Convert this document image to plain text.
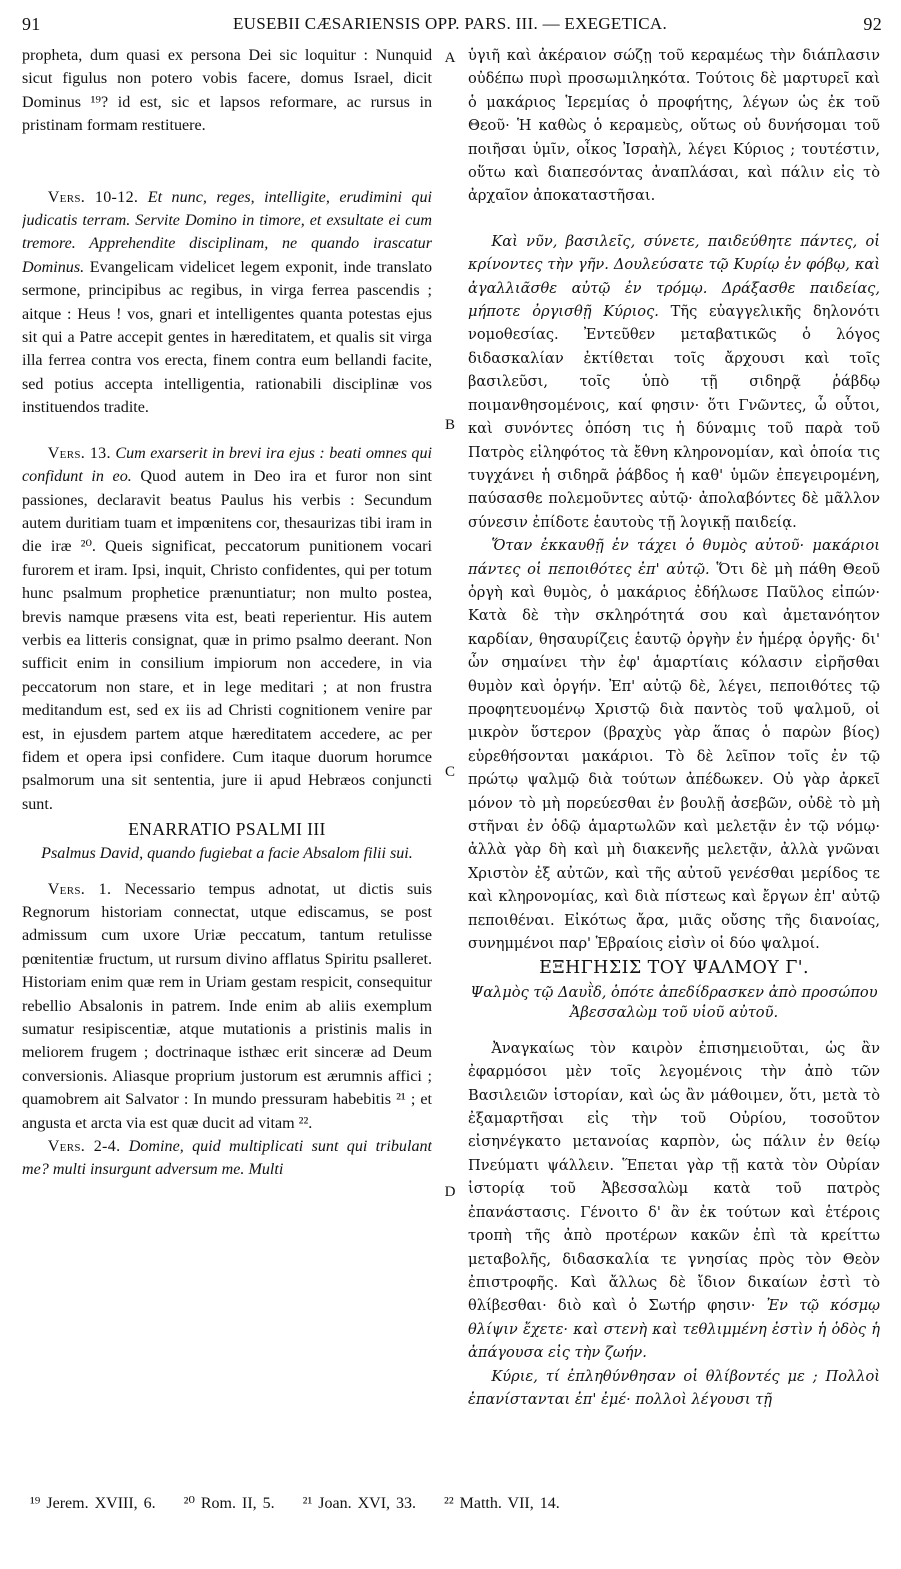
91	EUSEBII CÆSARIENSIS OPP. PARS. III. — EXEGETICA.	92
A
B
C
D

propheta, dum quasi ex persona Dei sic loquitur : Nunquid sicut figulus non potero vobis facere, domus Israel, dicit Dominus ¹⁹? id est, sic et lapsos reformare, ac rursus in pristinam formam restituere.

Vers. 10-12. Et nunc, reges, intelligite, erudimini qui judicatis terram. Servite Domino in timore, et exsultate ei cum tremore. Apprehendite disciplinam, ne quando irascatur Dominus. Evangelicam videlicet legem exponit, inde translato sermone, principibus ac regibus, in virga ferrea pascendis ; aitque : Heus ! vos, gnari et intelligentes quanta potestas ejus sit qui a Patre accepit gentes in hæreditatem, et qualis sit virga illa ferrea contra vos erecta, finem contra eum bellandi facite, sed potius accepta intelligentia, rationabili disciplinæ vos instituendos tradite.

Vers. 13. Cum exarserit in brevi ira ejus : beati omnes qui confidunt in eo. Quod autem in Deo ira et furor non sint passiones, declaravit beatus Paulus his verbis : Secundum autem duritiam tuam et impœnitens cor, thesaurizas tibi iram in die iræ ²⁰. Queis significat, peccatorum punitionem vocari furorem et iram. Ipsi, inquit, Christo confidentes, qui per totum hunc psalmum prophetice prænuntiatur; non multo postea, brevis namque præsens vita est, beati reperientur. His autem verbis ea litteris consignat, quæ in primo psalmo deerant. Non sufficit enim in consilium impiorum non accedere, in via peccatorum non stare, et in lege meditari ; at non frustra meditandum est, sed ex iis ad Christi cognitionem venire par est, in ejusdem partem atque hæreditatem accedere, ac per fidem et opera ipsi confidere. Cum itaque duorum horumce psalmorum una sit sententia, jure ii apud Hebræos conjuncti sunt.

ENARRATIO PSALMI III
Psalmus David, quando fugiebat a facie Absalom filii sui.

Vers. 1. Necessario tempus adnotat, ut dictis suis Regnorum historiam connectat, utque ediscamus, se post admissum cum uxore Uriæ peccatum, tantum retulisse pœnitentiæ fructum, ut rursum divino afflatus Spiritu psalleret. Historiam enim quæ rem in Uriam gestam respicit, consequitur rebellio Absalonis in patrem. Inde enim ab aliis exemplum sumatur resipiscentiæ, atque mutationis a pristinis malis in meliorem frugem ; doctrinaque isthæc erit sinceræ ad Deum conversionis. Aliasque proprium justorum est ærumnis affici ; quamobrem ait Salvator : In mundo pressuram habebitis ²¹ ; et angusta et arcta via est quæ ducit ad vitam ²².

Vers. 2-4. Domine, quid multiplicati sunt qui tribulant me? multi insurgunt adversum me. Multi

ὑγιῆ καὶ ἀκέραιον σώζῃ τοῦ κεραμέως τὴν διάπλασιν οὐδέπω πυρὶ προσωμιληκότα. Τούτοις δὲ μαρτυρεῖ καὶ ὁ μακάριος Ἱερεμίας ὁ προφήτης, λέγων ὡς ἐκ τοῦ Θεοῦ· Ἡ καθὼς ὁ κεραμεὺς, οὕτως οὐ δυνήσομαι τοῦ ποιῆσαι ὑμῖν, οἶκος Ἰσραὴλ, λέγει Κύριος ; τουτέστιν, οὕτω καὶ διαπεσόντας ἀναπλάσαι, καὶ πάλιν εἰς τὸ ἀρχαῖον ἀποκαταστῆσαι.

Καὶ νῦν, βασιλεῖς, σύνετε, παιδεύθητε πάντες, οἱ κρίνοντες τὴν γῆν. Δουλεύσατε τῷ Κυρίῳ ἐν φόβῳ, καὶ ἀγαλλιᾶσθε αὐτῷ ἐν τρόμῳ. Δράξασθε παιδείας, μήποτε ὀργισθῇ Κύριος. Τῆς εὐαγγελικῆς δηλονότι νομοθεσίας. Ἐντεῦθεν μεταβατικῶς ὁ λόγος διδασκαλίαν ἐκτίθεται τοῖς ἄρχουσι καὶ τοῖς βασιλεῦσι, τοῖς ὑπὸ τῇ σιδηρᾷ ῥάβδῳ ποιμανθησομένοις, καί φησιν· ὅτι Γνῶντες, ὦ οὗτοι, καὶ συνόντες ὁπόση τις ἡ δύναμις τοῦ παρὰ τοῦ Πατρὸς εἰληφότος τὰ ἔθνη κληρονομίαν, καὶ ὁποία τις τυγχάνει ἡ σιδηρᾶ ῥάβδος ἡ καθ' ὑμῶν ἐπεγειρομένη, παύσασθε πολεμοῦντες αὐτῷ· ἀπολαβόντες δὲ μᾶλλον σύνεσιν ἐπίδοτε ἑαυτοὺς τῇ λογικῇ παιδείᾳ.

Ὅταν ἐκκαυθῇ ἐν τάχει ὁ θυμὸς αὐτοῦ· μακάριοι πάντες οἱ πεποιθότες ἐπ' αὐτῷ. Ὅτι δὲ μὴ πάθη Θεοῦ ὀργὴ καὶ θυμὸς, ὁ μακάριος ἐδήλωσε Παῦλος εἰπών· Κατὰ δὲ τὴν σκληρότητά σου καὶ ἀμετανόητον καρδίαν, θησαυρίζεις ἑαυτῷ ὀργὴν ἐν ἡμέρᾳ ὀργῆς· δι' ὧν σημαίνει τὴν ἐφ' ἁμαρτίαις κόλασιν εἰρῆσθαι θυμὸν καὶ ὀργήν. Ἐπ' αὐτῷ δὲ, λέγει, πεποιθότες τῷ προφητευομένῳ Χριστῷ διὰ παντὸς τοῦ ψαλμοῦ, οἱ μικρὸν ὕστερον (βραχὺς γὰρ ἅπας ὁ παρὼν βίος) εὑρεθήσονται μακάριοι. Τὸ δὲ λεῖπον τοῖς ἐν τῷ πρώτῳ ψαλμῷ διὰ τούτων ἀπέδωκεν. Οὐ γὰρ ἀρκεῖ μόνον τὸ μὴ πορεύεσθαι ἐν βουλῇ ἀσεβῶν, οὐδὲ τὸ μὴ στῆναι ἐν ὁδῷ ἁμαρτωλῶν καὶ μελετᾷν ἐν τῷ νόμῳ· ἀλλὰ γὰρ δὴ καὶ μὴ διακενῆς μελετᾷν, ἀλλὰ γνῶναι Χριστὸν ἐξ αὐτῶν, καὶ τῆς αὐτοῦ γενέσθαι μερίδος τε καὶ κληρονομίας, καὶ διὰ πίστεως καὶ ἔργων ἐπ' αὐτῷ πεποιθέναι. Εἰκότως ἄρα, μιᾶς οὔσης τῆς διανοίας, συνημμένοι παρ' Ἑβραίοις εἰσὶν οἱ δύο ψαλμοί.

ΕΞΗΓΗΣΙΣ ΤΟΥ ΨΑΛΜΟΥ Γ'.
Ψαλμὸς τῷ Δαυῒδ, ὁπότε ἀπεδίδρασκεν ἀπὸ προσώπου Ἀβεσσαλὼμ τοῦ υἱοῦ αὐτοῦ.

Ἀναγκαίως τὸν καιρὸν ἐπισημειοῦται, ὡς ἂν ἐφαρμόσοι μὲν τοῖς λεγομένοις τὴν ἀπὸ τῶν Βασιλειῶν ἱστορίαν, καὶ ὡς ἂν μάθοιμεν, ὅτι, μετὰ τὸ ἐξαμαρτῆσαι εἰς τὴν τοῦ Οὐρίου, τοσοῦτον εἰσηνέγκατο μετανοίας καρπὸν, ὡς πάλιν ἐν θείῳ Πνεύματι ψάλλειν. Ἕπεται γὰρ τῇ κατὰ τὸν Οὐρίαν ἱστορίᾳ τοῦ Ἀβεσσαλὼμ κατὰ τοῦ πατρὸς ἐπανάστασις. Γένοιτο δ' ἂν ἐκ τούτων καὶ ἑτέροις τροπὴ τῆς ἀπὸ προτέρων κακῶν ἐπὶ τὰ κρείττω μεταβολῆς, διδασκαλία τε γνησίας πρὸς τὸν Θεὸν ἐπιστροφῆς. Καὶ ἄλλως δὲ ἴδιον δικαίων ἐστὶ τὸ θλίβεσθαι· διὸ καὶ ὁ Σωτήρ φησιν· Ἐν τῷ κόσμῳ θλίψιν ἔχετε· καὶ στενὴ καὶ τεθλιμμένη ἐστὶν ἡ ὁδὸς ἡ ἀπάγουσα εἰς τὴν ζωήν.

Κύριε, τί ἐπληθύνθησαν οἱ θλίβοντές με ; Πολλοὶ ἐπανίστανται ἐπ' ἐμέ· πολλοὶ λέγουσι τῇ

¹⁹ Jerem. XVIII, 6. ²⁰ Rom. II, 5. ²¹ Joan. XVI, 33. ²² Matth. VII, 14.
